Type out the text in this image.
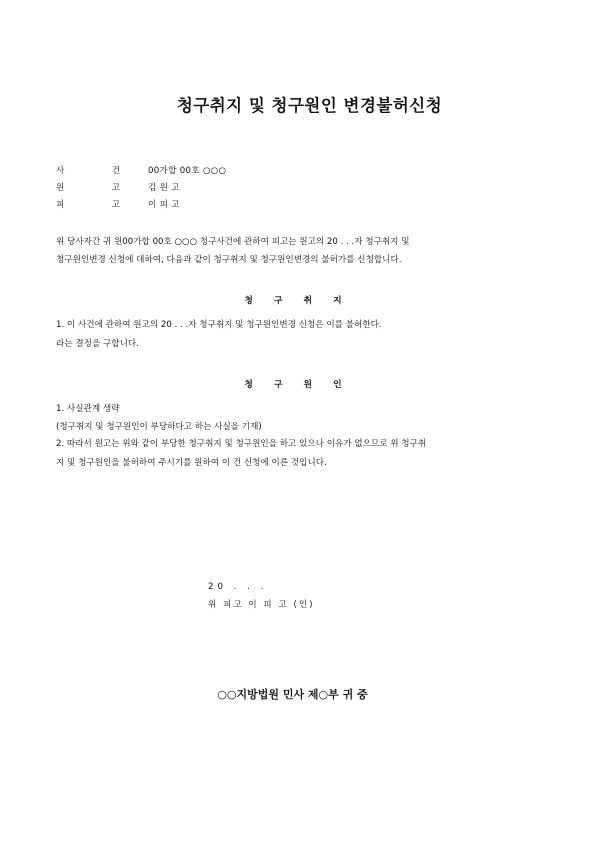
청구취지 및 청구원인 변경불허신청
사	건	00가합 00호 ○○○
원	고	김 원 고
피	고	이 피 고
위 당사자간 귀 원00가합 00호 ○○○ 청구사건에 관하여 피고는 원고의 20 . . .자 청구취지 및
청구원인변경 신청에 대하여, 다음과 같이 청구취지 및 청구원인변경의 불허가를 신청합니다.
청 구 취 지
1. 이 사건에 관하여 원고의 20 . . .자 청구취지 및 청구원인변경 신청은 이를 불허한다.
라는 결정을 구합니다.
청 구 원 인
1. 사실관계 생략
(청구취지 및 청구원인이 부당하다고 하는 사실을 기재)
2. 따라서 원고는 위와 같이 부당한 청구취지 및 청구원인을 하고 있으나 이유가 없으므로 위 청구취
지 및 청구원인을 불허하여 주시기를 원하여 이 건 신청에 이른 것입니다.
20 . . .
위 피고 이 피 고 (인)
○○지방법원 민사 제○부 귀 중
